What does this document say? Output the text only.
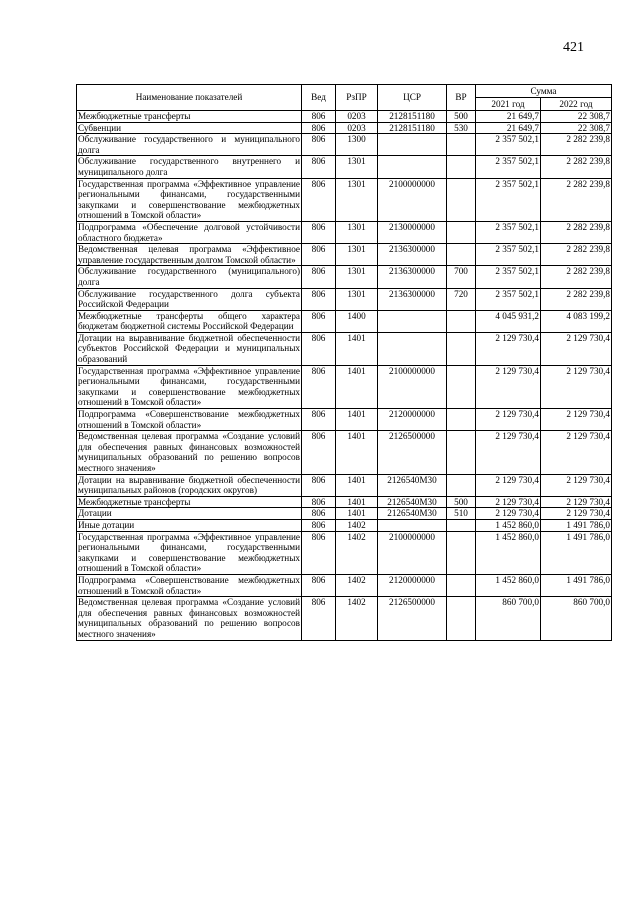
421
Наименование показателей	Вед	РзПР	ЦСР	ВР	Сумма	
					2021 год	2022 год
Межбюджетные трансферты	806	0203	2128151180	500	21 649,7	22 308,7
Субвенции	806	0203	2128151180	530	21 649,7	22 308,7
Обслуживание государственного и муниципального долга	806	1300			2 357 502,1	2 282 239,8
Обслуживание государственного внутреннего и муниципального долга	806	1301			2 357 502,1	2 282 239,8
Государственная программа «Эффективное управление региональными финансами, государственными закупками и совершенствование межбюджетных отношений в Томской области»	806	1301	2100000000		2 357 502,1	2 282 239,8
Подпрограмма «Обеспечение долговой устойчивости областного бюджета»	806	1301	2130000000		2 357 502,1	2 282 239,8
Ведомственная целевая программа «Эффективное управление государственным долгом Томской области»	806	1301	2136300000		2 357 502,1	2 282 239,8
Обслуживание государственного (муниципального) долга	806	1301	2136300000	700	2 357 502,1	2 282 239,8
Обслуживание государственного долга субъекта Российской Федерации	806	1301	2136300000	720	2 357 502,1	2 282 239,8
Межбюджетные трансферты общего характера бюджетам бюджетной системы Российской Федерации	806	1400			4 045 931,2	4 083 199,2
Дотации на выравнивание бюджетной обеспеченности субъектов Российской Федерации и муниципальных образований	806	1401			2 129 730,4	2 129 730,4
Государственная программа «Эффективное управление региональными финансами, государственными закупками и совершенствование межбюджетных отношений в Томской области»	806	1401	2100000000		2 129 730,4	2 129 730,4
Подпрограмма «Совершенствование межбюджетных отношений в Томской области»	806	1401	2120000000		2 129 730,4	2 129 730,4
Ведомственная целевая программа «Создание условий для обеспечения равных финансовых возможностей муниципальных образований по решению вопросов местного значения»	806	1401	2126500000		2 129 730,4	2 129 730,4
Дотации на выравнивание бюджетной обеспеченности муниципальных районов (городских округов)	806	1401	2126540М30		2 129 730,4	2 129 730,4
Межбюджетные трансферты	806	1401	2126540М30	500	2 129 730,4	2 129 730,4
Дотации	806	1401	2126540М30	510	2 129 730,4	2 129 730,4
Иные дотации	806	1402			1 452 860,0	1 491 786,0
Государственная программа «Эффективное управление региональными финансами, государственными закупками и совершенствование межбюджетных отношений в Томской области»	806	1402	2100000000		1 452 860,0	1 491 786,0
Подпрограмма «Совершенствование межбюджетных отношений в Томской области»	806	1402	2120000000		1 452 860,0	1 491 786,0
Ведомственная целевая программа «Создание условий для обеспечения равных финансовых возможностей муниципальных образований по решению вопросов местного значения»	806	1402	2126500000		860 700,0	860 700,0
